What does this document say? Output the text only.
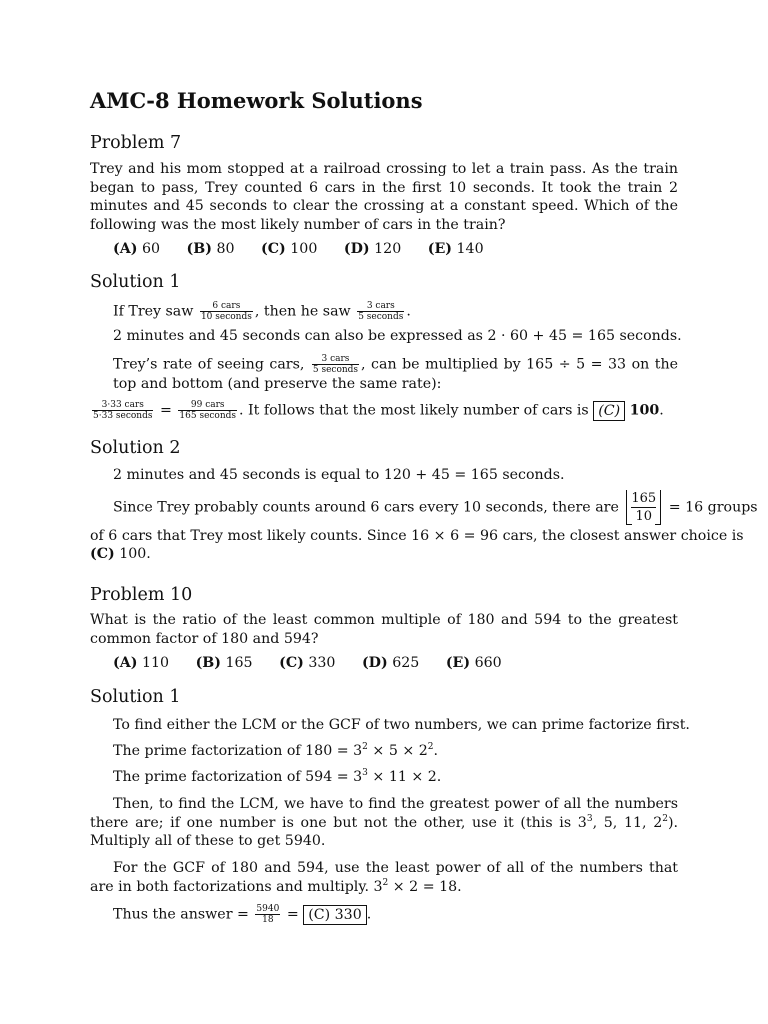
AMC-8 Homework Solutions
Problem 7

Trey and his mom stopped at a railroad crossing to let a train pass. As the train began to pass, Trey counted 6 cars in the first 10 seconds. It took the train 2 minutes and 45 seconds to clear the crossing at a constant speed. Which of the following was the most likely number of cars in the train?

(A) 60 (B) 80 (C) 100 (D) 120 (E) 140
Solution 1

If Trey saw $\frac{\text{6 cars}}{\text{10 seconds}}$ , then he saw $\frac{\text{3 cars}}{\text{5 seconds}}$ .

2 minutes and 45 seconds can also be expressed as 2 · 60 + 45 = 165 seconds.

Trey’s rate of seeing cars, $\frac{\text{3 cars}}{\text{5 seconds}}$ , can be multiplied by 165 ÷ 5 = 33 on the top and bottom (and preserve the same rate):

$\frac{\text{3·33 cars}}{\text{5·33 seconds}} = \frac{\text{99 cars}}{\text{165 seconds}}$ . It follows that the most likely number of cars is (C) 100.

Solution 2

2 minutes and 45 seconds is equal to 120 + 45 = 165 seconds.

Since Trey probably counts around 6 cars every 10 seconds, there are $\frac{165}{10} = 16$ groups

of 6 cars that Trey most likely counts. Since 16 × 6 = 96 cars, the closest answer choice is

(C) 100.

Problem 10

What is the ratio of the least common multiple of 180 and 594 to the greatest common factor of 180 and 594?

(A) 110 (B) 165 (C) 330 (D) 625 (E) 660
Solution 1

To find either the LCM or the GCF of two numbers, we can prime factorize first.

The prime factorization of $180 = 3^2 \times 5 \times 2^2$.

The prime factorization of $594 = 3^3 \times 11 \times 2$.

Then, to find the LCM, we have to find the greatest power of all the numbers there are; if one number is one but not the other, use it (this is $3^3$, 5, 11, $2^2$). Multiply all of these to get 5940.

For the GCF of 180 and 594, use the least power of all of the numbers that are in both factorizations and multiply. $3^2 \times 2 = 18$.

Thus the answer = $\frac{5940}{18} = (C)$ 330 .
